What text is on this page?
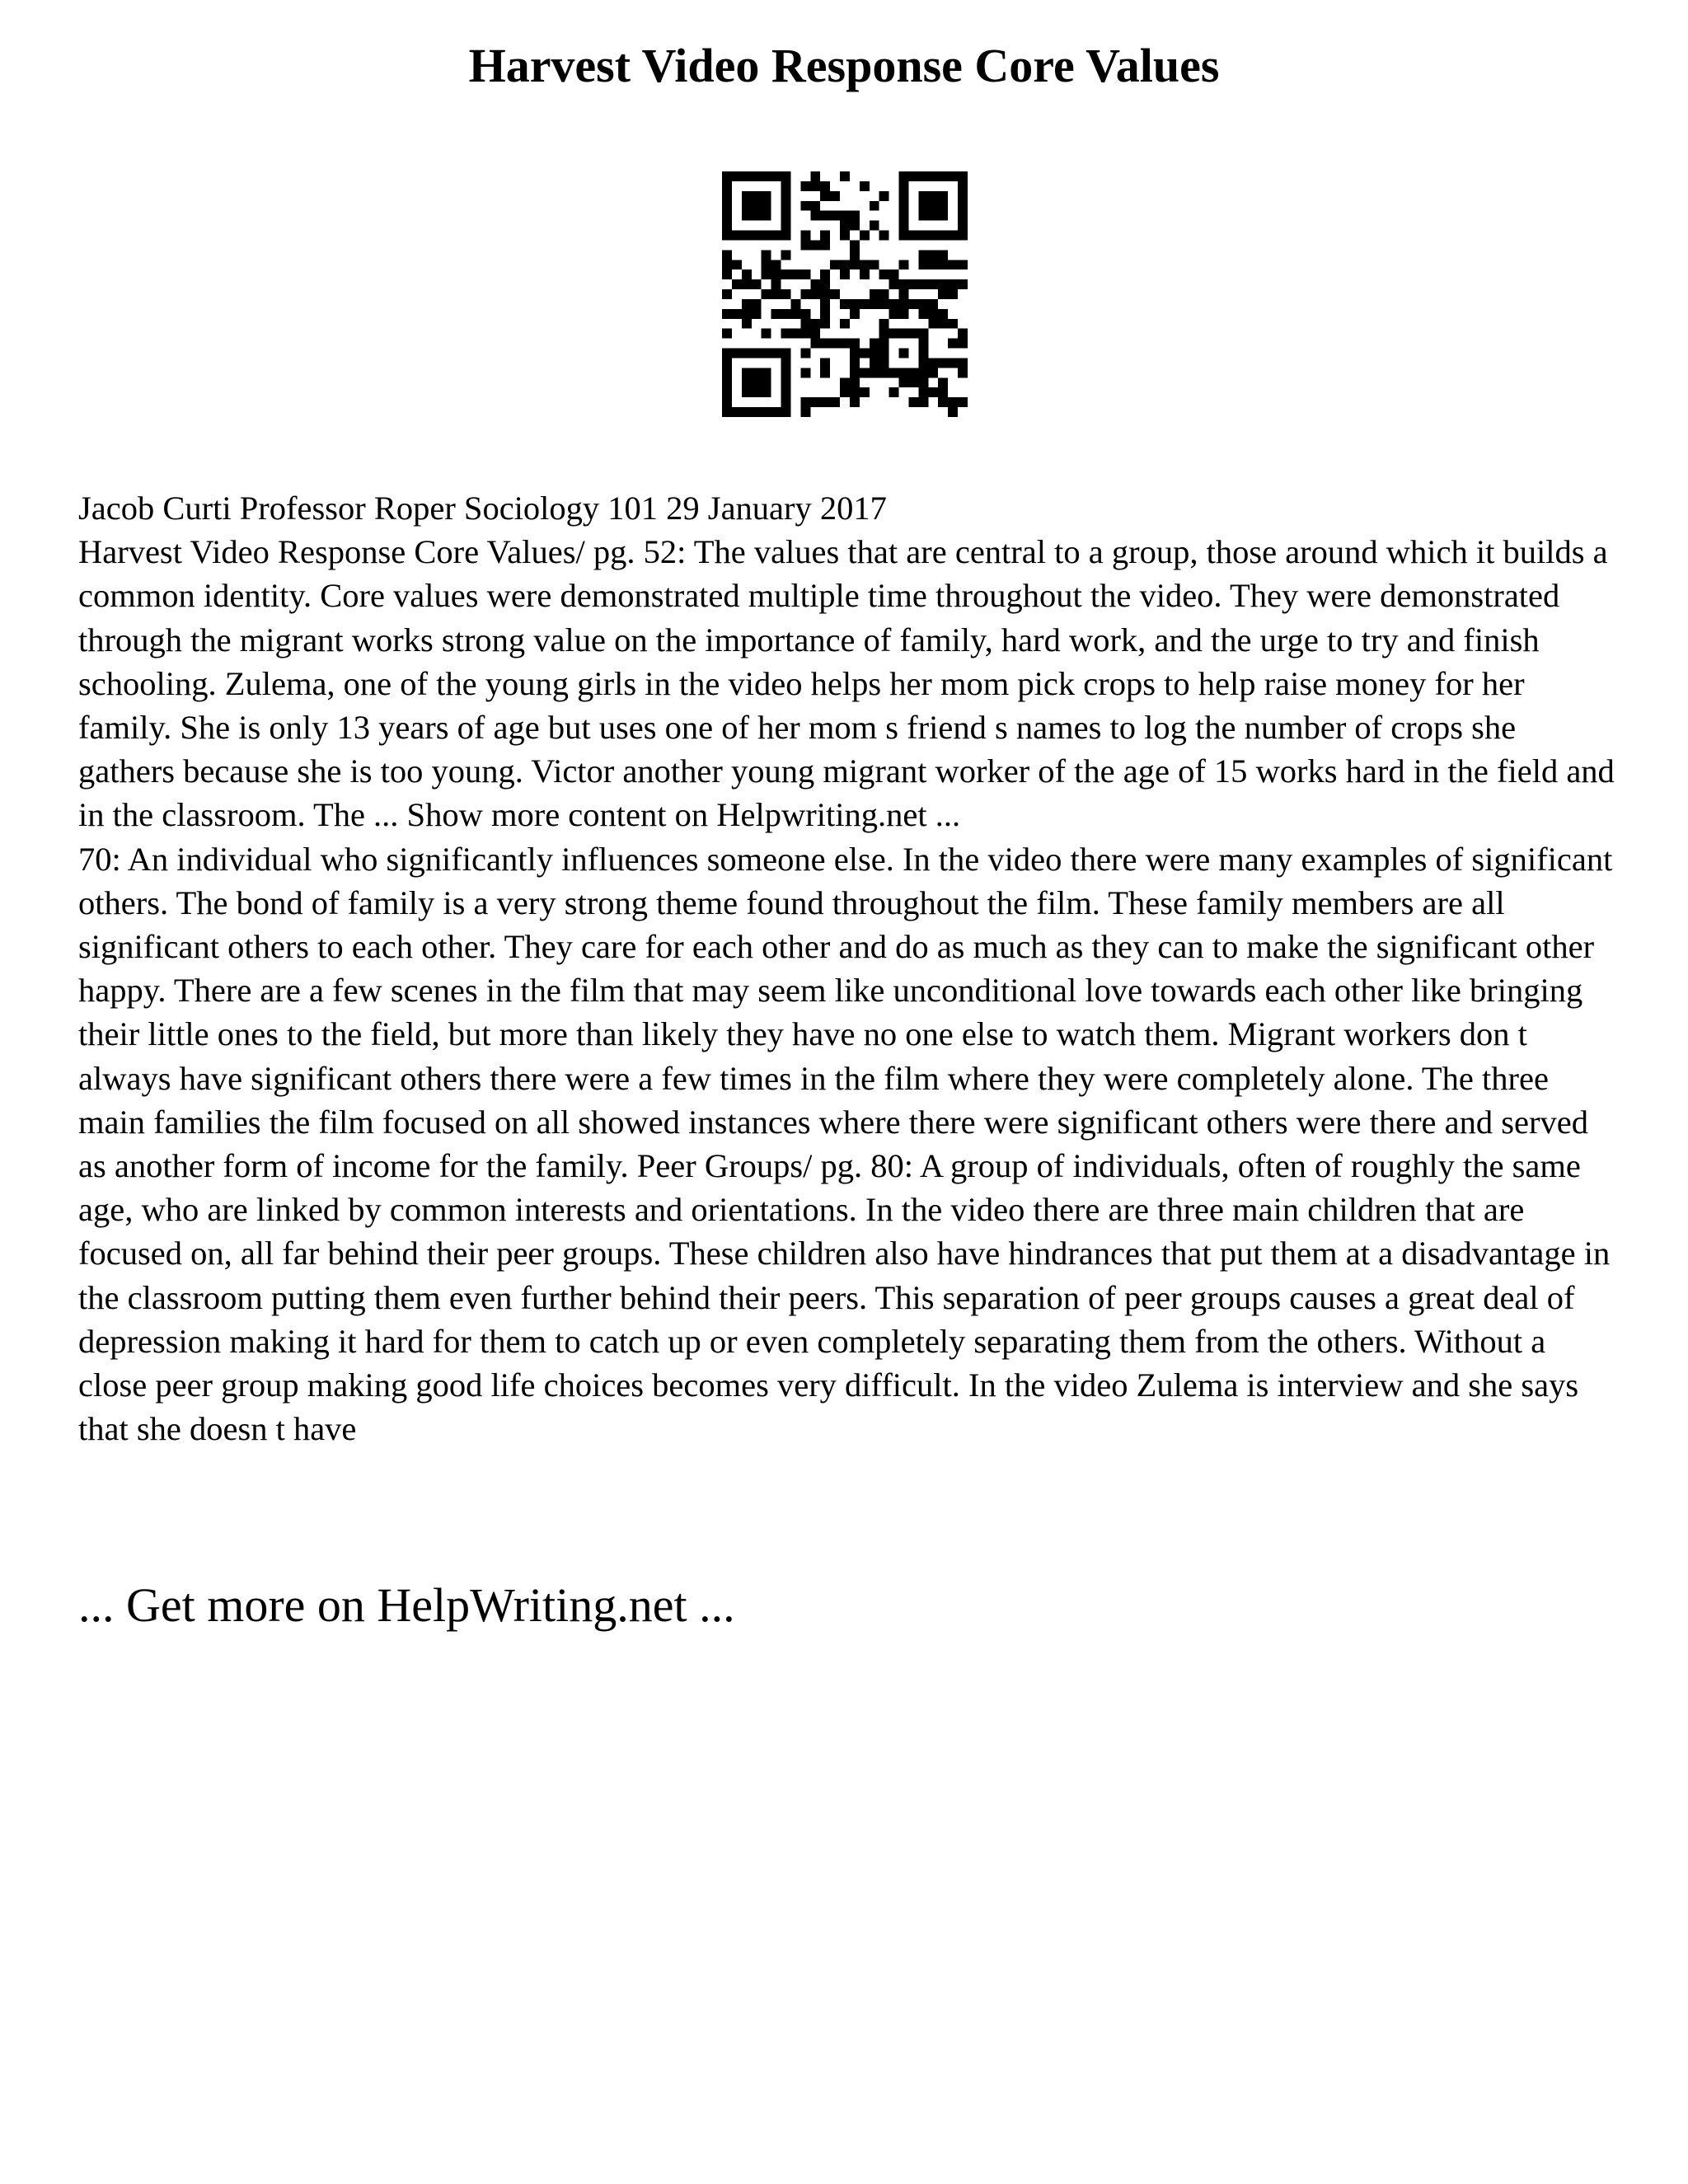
Harvest Video Response Core Values

Jacob Curti Professor Roper Sociology 101 29 January 2017

Harvest Video Response Core Values/ pg. 52: The values that are central to a group, those around which it builds a common identity. Core values were demonstrated multiple time throughout the video. They were demonstrated through the migrant works strong value on the importance of family, hard work, and the urge to try and finish schooling. Zulema, one of the young girls in the video helps her mom pick crops to help raise money for her family. She is only 13 years of age but uses one of her mom s friend s names to log the number of crops she gathers because she is too young. Victor another young migrant worker of the age of 15 works hard in the field and in the classroom. The ... Show more content on Helpwriting.net ...

70: An individual who significantly influences someone else. In the video there were many examples of significant others. The bond of family is a very strong theme found throughout the film. These family members are all significant others to each other. They care for each other and do as much as they can to make the significant other happy. There are a few scenes in the film that may seem like unconditional love towards each other like bringing their little ones to the field, but more than likely they have no one else to watch them. Migrant workers don t always have significant others there were a few times in the film where they were completely alone. The three main families the film focused on all showed instances where there were significant others were there and served as another form of income for the family. Peer Groups/ pg. 80: A group of individuals, often of roughly the same age, who are linked by common interests and orientations. In the video there are three main children that are focused on, all far behind their peer groups. These children also have hindrances that put them at a disadvantage in the classroom putting them even further behind their peers. This separation of peer groups causes a great deal of depression making it hard for them to catch up or even completely separating them from the others. Without a close peer group making good life choices becomes very difficult. In the video Zulema is interview and she says that she doesn t have

... Get more on HelpWriting.net ...
